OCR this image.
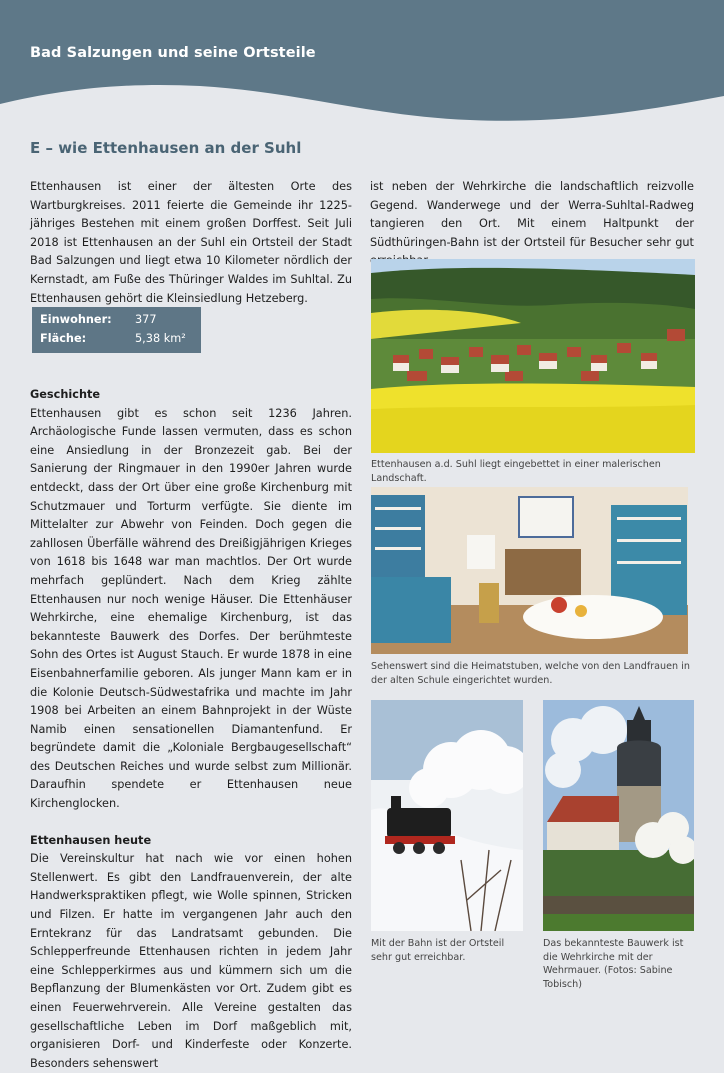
Bad Salzungen und seine Ortsteile
E – wie Ettenhausen an der Suhl

Ettenhausen ist einer der ältesten Orte des Wartburgkreises. 2011 feierte die Gemeinde ihr 1225-jähriges Bestehen mit einem großen Dorffest. Seit Juli 2018 ist Ettenhausen an der Suhl ein Ortsteil der Stadt Bad Salzungen und liegt etwa 10 Kilometer nördlich der Kernstadt, am Fuße des Thüringer Waldes im Suhltal. Zu Ettenhausen gehört die Kleinsiedlung Hetzeberg.

Einwohner: 377
Fläche:	5,38 km²

Geschichte

Ettenhausen gibt es schon seit 1236 Jahren. Archäologische Funde lassen vermuten, dass es schon eine Ansiedlung in der Bronzezeit gab. Bei der Sanierung der Ringmauer in den 1990er Jahren wurde entdeckt, dass der Ort über eine große Kirchenburg mit Schutzmauer und Torturm verfügte. Sie diente im Mittelalter zur Abwehr von Feinden. Doch gegen die zahllosen Überfälle während des Dreißigjährigen Krieges von 1618 bis 1648 war man machtlos. Der Ort wurde mehrfach geplündert. Nach dem Krieg zählte Ettenhausen nur noch wenige Häuser. Die Ettenhäuser Wehrkirche, eine ehemalige Kirchenburg, ist das bekannteste Bauwerk des Dorfes. Der berühmteste Sohn des Ortes ist August Stauch. Er wurde 1878 in eine Eisenbahnerfamilie geboren. Als junger Mann kam er in die Kolonie Deutsch-Südwestafrika und machte im Jahr 1908 bei Arbeiten an einem Bahnprojekt in der Wüste Namib einen sensationellen Diamantenfund. Er begründete damit die „Koloniale Bergbaugesellschaft“ des Deutschen Reiches und wurde selbst zum Millionär. Daraufhin spendete er Ettenhausen neue Kirchenglocken.

Ettenhausen heute

Die Vereinskultur hat nach wie vor einen hohen Stellenwert. Es gibt den Landfrauenverein, der alte Handwerkspraktiken pflegt, wie Wolle spinnen, Stricken und Filzen. Er hatte im vergangenen Jahr auch den Erntekranz für das Landratsamt gebunden. Die Schlepperfreunde Ettenhausen richten in jedem Jahr eine Schlepperkirmes aus und kümmern sich um die Bepflanzung der Blumenkästen vor Ort. Zudem gibt es einen Feuerwehrverein. Alle Vereine gestalten das gesellschaftliche Leben im Dorf maßgeblich mit, organisieren Dorf- und Kinderfeste oder Konzerte. Besonders sehenswert

ist neben der Wehrkirche die landschaftlich reizvolle Gegend. Wanderwege und der Werra-Suhltal-Radweg tangieren den Ort. Mit einem Haltpunkt der Südthüringen-Bahn ist der Ortsteil für Besucher sehr gut

Ettenhausen a.d. Suhl liegt eingebettet in einer malerischen Landschaft.
Sehenswert sind die Heimatstuben, welche von den Landfrauen in der alten Schule eingerichtet wurden.
Mit der Bahn ist der Ortsteil sehr gut erreichbar.
Das bekannteste Bauwerk ist die Wehrkirche mit der Wehrmauer. (Fotos: Sabine Tobisch)
